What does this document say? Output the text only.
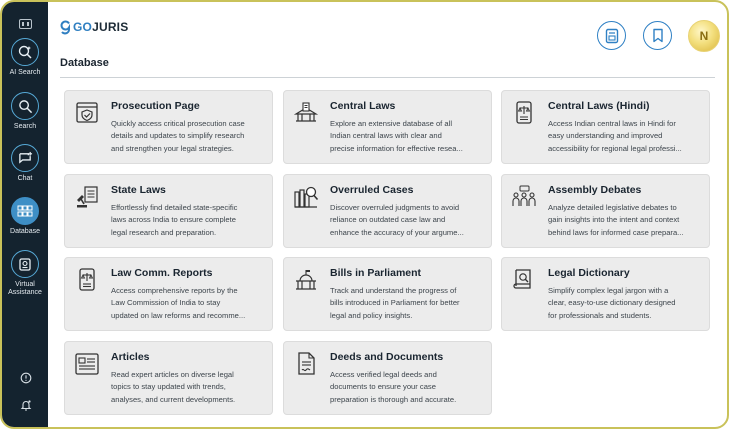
AI Search
Search
Chat
Database
Virtual
Assistance
GOJURIS
N
Database
Prosecution Page
Quickly access critical prosecution case
details and updates to simplify research
and strengthen your legal strategies.
Central Laws
Explore an extensive database of all
Indian central laws with clear and
precise information for effective resea...
Central Laws (Hindi)
Access Indian central laws in Hindi for
easy understanding and improved
accessibility for regional legal professi...
State Laws
Effortlessly find detailed state-specific
laws across India to ensure complete
legal research and preparation.
Overruled Cases
Discover overruled judgments to avoid
reliance on outdated case law and
enhance the accuracy of your argume...
Assembly Debates
Analyze detailed legislative debates to
gain insights into the intent and context
behind laws for informed case prepara...
Law Comm. Reports
Access comprehensive reports by the
Law Commission of India to stay
updated on law reforms and recomme...
Bills in Parliament
Track and understand the progress of
bills introduced in Parliament for better
legal and policy insights.
Legal Dictionary
Simplify complex legal jargon with a
clear, easy-to-use dictionary designed
for professionals and students.
Articles
Read expert articles on diverse legal
topics to stay updated with trends,
analyses, and current developments.
Deeds and Documents
Access verified legal deeds and
documents to ensure your case
preparation is thorough and accurate.
